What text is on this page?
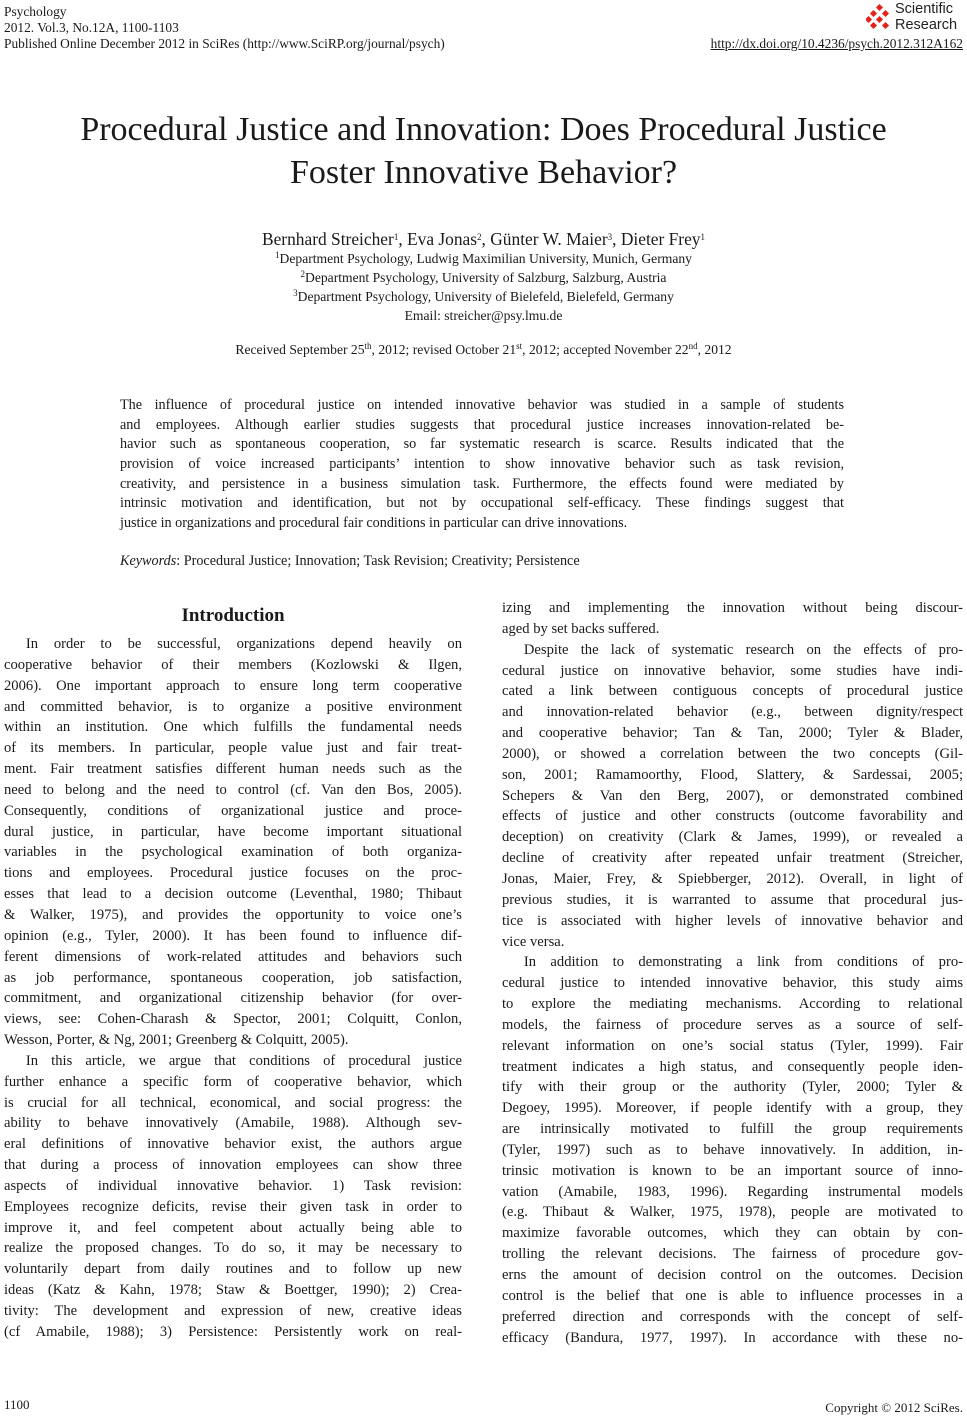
Psychology
2012. Vol.3, No.12A, 1100-1103
Published Online December 2012 in SciRes (http://www.SciRP.org/journal/psych)	http://dx.doi.org/10.4236/psych.2012.312A162
Scientific
Research
Procedural Justice and Innovation: Does Procedural Justice
Foster Innovative Behavior?
Bernhard Streicher$^1$, Eva Jonas$^2$, Günter W. Maier$^3$, Dieter Frey$^1$
$^1$Department Psychology, Ludwig Maximilian University, Munich, Germany
$^2$Department Psychology, University of Salzburg, Salzburg, Austria
$^3$Department Psychology, University of Bielefeld, Bielefeld, Germany
Email: streicher@psy.lmu.de
Received September 25th, 2012; revised October 21st, 2012; accepted November 22nd, 2012
The influence of procedural justice on intended innovative behavior was studied in a sample of students
and employees. Although earlier studies suggests that procedural justice increases innovation-related be-
havior such as spontaneous cooperation, so far systematic research is scarce. Results indicated that the
provision of voice increased participants’ intention to show innovative behavior such as task revision,
creativity, and persistence in a business simulation task. Furthermore, the effects found were mediated by
intrinsic motivation and identification, but not by occupational self-efficacy. These findings suggest that
justice in organizations and procedural fair conditions in particular can drive innovations.
Keywords: Procedural Justice; Innovation; Task Revision; Creativity; Persistence
Introduction
  In order to be successful, organizations depend heavily on
cooperative behavior of their members (Kozlowski & Ilgen,
2006). One important approach to ensure long term cooperative
and committed behavior, is to organize a positive environment
within an institution. One which fulfills the fundamental needs
of its members. In particular, people value just and fair treat-
ment. Fair treatment satisfies different human needs such as the
need to belong and the need to control (cf. Van den Bos, 2005).
Consequently, conditions of organizational justice and proce-
dural justice, in particular, have become important situational
variables in the psychological examination of both organiza-
tions and employees. Procedural justice focuses on the proc-
esses that lead to a decision outcome (Leventhal, 1980; Thibaut
& Walker, 1975), and provides the opportunity to voice one’s
opinion (e.g., Tyler, 2000). It has been found to influence dif-
ferent dimensions of work-related attitudes and behaviors such
as job performance, spontaneous cooperation, job satisfaction,
commitment, and organizational citizenship behavior (for over-
views, see: Cohen-Charash & Spector, 2001; Colquitt, Conlon,
Wesson, Porter, & Ng, 2001; Greenberg & Colquitt, 2005).
  In this article, we argue that conditions of procedural justice
further enhance a specific form of cooperative behavior, which
is crucial for all technical, economical, and social progress: the
ability to behave innovatively (Amabile, 1988). Although sev-
eral definitions of innovative behavior exist, the authors argue
that during a process of innovation employees can show three
aspects of individual innovative behavior. 1) Task revision:
Employees recognize deficits, revise their given task in order to
improve it, and feel competent about actually being able to
realize the proposed changes. To do so, it may be necessary to
voluntarily depart from daily routines and to follow up new
ideas (Katz & Kahn, 1978; Staw & Boettger, 1990); 2) Crea-
tivity: The development and expression of new, creative ideas
(cf Amabile, 1988); 3) Persistence: Persistently work on real-
izing and implementing the innovation without being discour-
aged by set backs suffered.
  Despite the lack of systematic research on the effects of pro-
cedural justice on innovative behavior, some studies have indi-
cated a link between contiguous concepts of procedural justice
and innovation-related behavior (e.g., between dignity/respect
and cooperative behavior; Tan & Tan, 2000; Tyler & Blader,
2000), or showed a correlation between the two concepts (Gil-
son, 2001; Ramamoorthy, Flood, Slattery, & Sardessai, 2005;
Schepers & Van den Berg, 2007), or demonstrated combined
effects of justice and other constructs (outcome favorability and
deception) on creativity (Clark & James, 1999), or revealed a
decline of creativity after repeated unfair treatment (Streicher,
Jonas, Maier, Frey, & Spiebberger, 2012). Overall, in light of
previous studies, it is warranted to assume that procedural jus-
tice is associated with higher levels of innovative behavior and
vice versa.
  In addition to demonstrating a link from conditions of pro-
cedural justice to intended innovative behavior, this study aims
to explore the mediating mechanisms. According to relational
models, the fairness of procedure serves as a source of self-
relevant information on one’s social status (Tyler, 1999). Fair
treatment indicates a high status, and consequently people iden-
tify with their group or the authority (Tyler, 2000; Tyler &
Degoey, 1995). Moreover, if people identify with a group, they
are intrinsically motivated to fulfill the group requirements
(Tyler, 1997) such as to behave innovatively. In addition, in-
trinsic motivation is known to be an important source of inno-
vation (Amabile, 1983, 1996). Regarding instrumental models
(e.g. Thibaut & Walker, 1975, 1978), people are motivated to
maximize favorable outcomes, which they can obtain by con-
trolling the relevant decisions. The fairness of procedure gov-
erns the amount of decision control on the outcomes. Decision
control is the belief that one is able to influence processes in a
preferred direction and corresponds with the concept of self-
efficacy (Bandura, 1977, 1997). In accordance with these no-
1100	Copyright © 2012 SciRes.
